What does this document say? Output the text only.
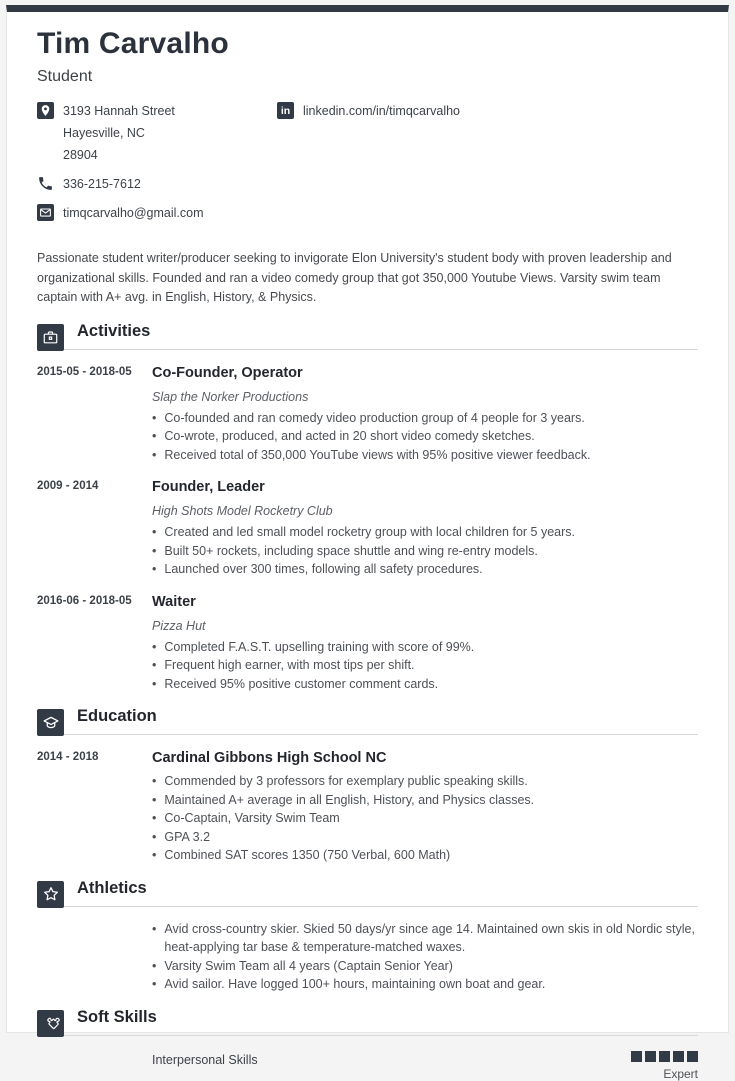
Tim Carvalho
Student
3193 Hannah Street
Hayesville, NC
28904
336-215-7612
timqcarvalho@gmail.com
in	linkedin.com/in/timqcarvalho
Passionate student writer/producer seeking to invigorate Elon University's student body with proven leadership and organizational skills. Founded and ran a video comedy group that got 350,000 Youtube Views. Varsity swim team captain with A+ avg. in English, History, & Physics.
Activities
2015-05 - 2018-05	Co-Founder, Operator
Slap the Norker Productions
• Co-founded and ran comedy video production group of 4 people for 3 years.
• Co-wrote, produced, and acted in 20 short video comedy sketches.
• Received total of 350,000 YouTube views with 95% positive viewer feedback.
2009 - 2014	Founder, Leader
High Shots Model Rocketry Club
• Created and led small model rocketry group with local children for 5 years.
• Built 50+ rockets, including space shuttle and wing re-entry models.
• Launched over 300 times, following all safety procedures.
2016-06 - 2018-05	Waiter
Pizza Hut
• Completed F.A.S.T. upselling training with score of 99%.
• Frequent high earner, with most tips per shift.
• Received 95% positive customer comment cards.
Education
2014 - 2018	Cardinal Gibbons High School NC
• Commended by 3 professors for exemplary public speaking skills.
• Maintained A+ average in all English, History, and Physics classes.
• Co-Captain, Varsity Swim Team
• GPA 3.2
• Combined SAT scores 1350 (750 Verbal, 600 Math)
Athletics
• Avid cross-country skier. Skied 50 days/yr since age 14. Maintained own skis in old Nordic style, heat-applying tar base & temperature-matched waxes.
• Varsity Swim Team all 4 years (Captain Senior Year)
• Avid sailor. Have logged 100+ hours, maintaining own boat and gear.
Soft Skills
Interpersonal Skills
Expert
